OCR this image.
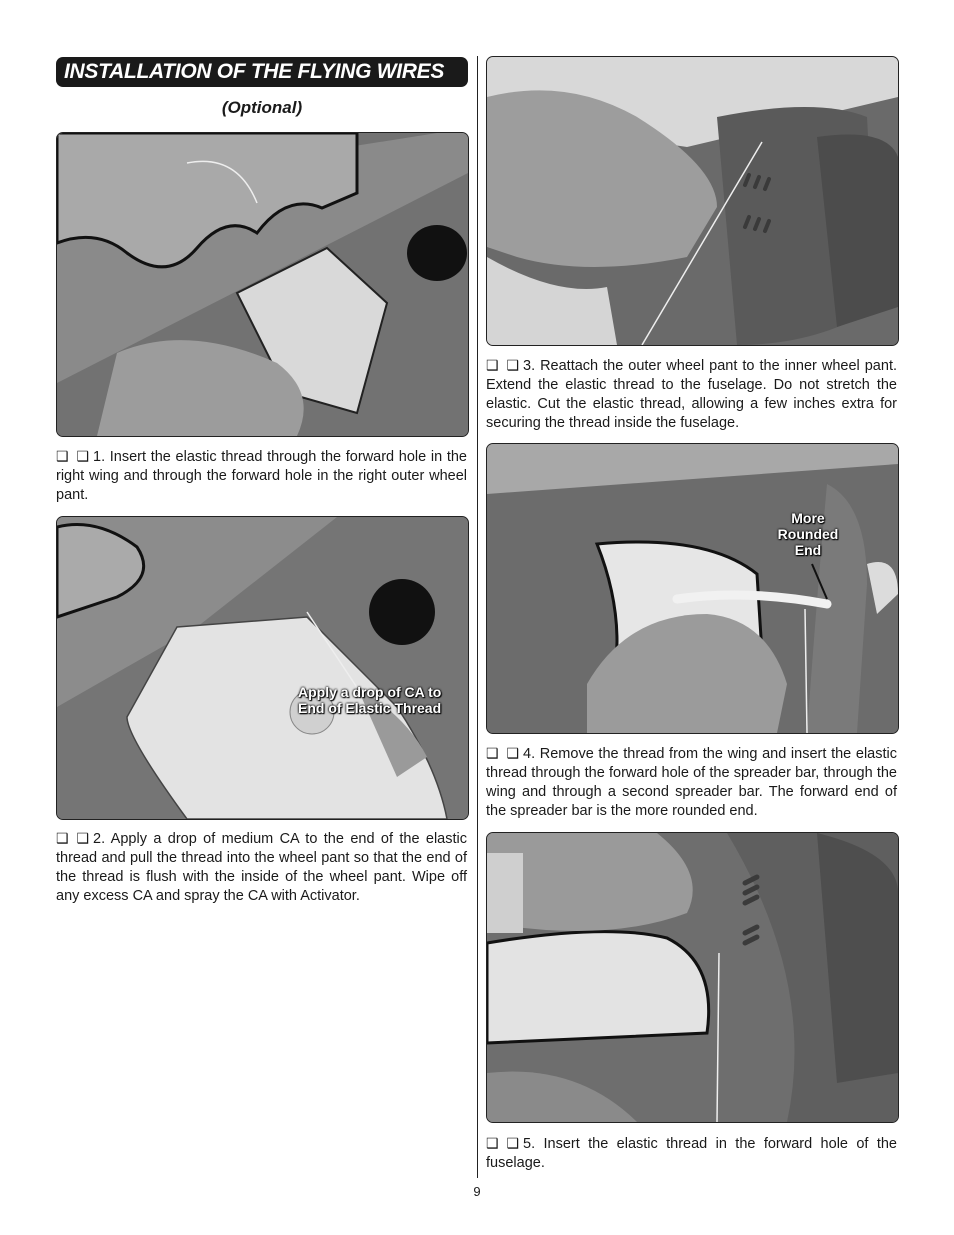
INSTALLATION OF THE FLYING WIRES
(Optional)

❑ ❑ 1. Insert the elastic thread through the forward hole in the right wing and through the forward hole in the right outer wheel pant.

Apply a drop of CA to
End of Elastic Thread

❑ ❑ 2. Apply a drop of medium CA to the end of the elastic thread and pull the thread into the wheel pant so that the end of the thread is flush with the inside of the wheel pant. Wipe off any excess CA and spray the CA with Activator.

❑ ❑ 3. Reattach the outer wheel pant to the inner wheel pant. Extend the elastic thread to the fuselage. Do not stretch the elastic. Cut the elastic thread, allowing a few inches extra for securing the thread inside the fuselage.

More
Rounded
End

❑ ❑ 4. Remove the thread from the wing and insert the elastic thread through the forward hole of the spreader bar, through the wing and through a second spreader bar. The forward end of the spreader bar is the more rounded end.

❑ ❑ 5. Insert the elastic thread in the forward hole of the fuselage.

9
